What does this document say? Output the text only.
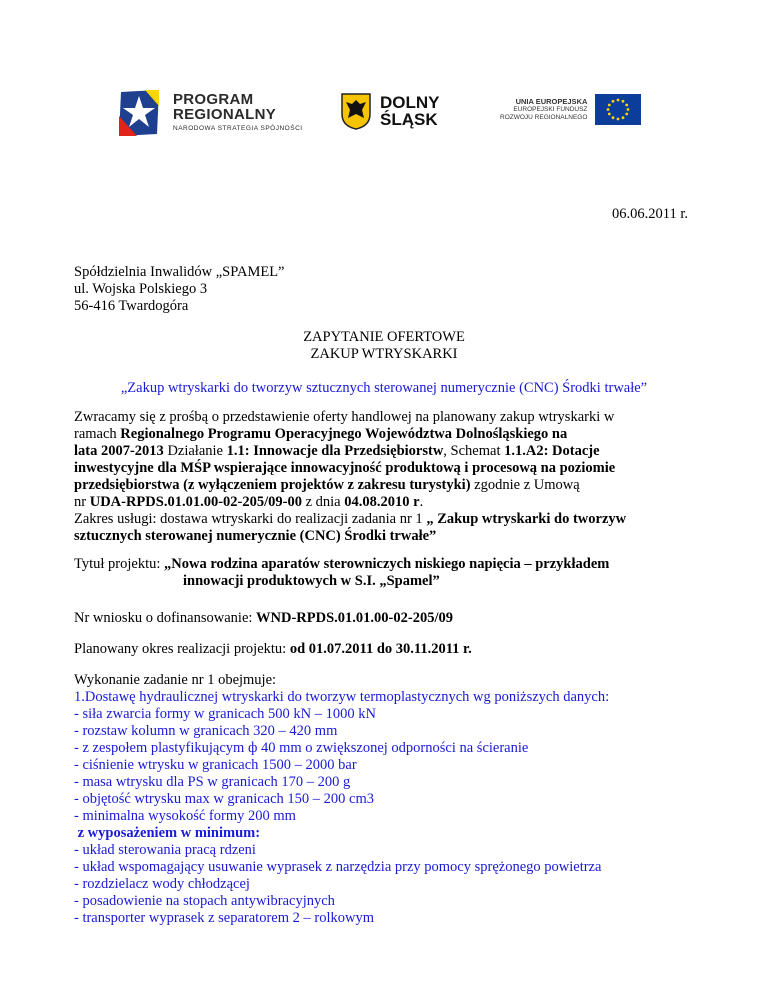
PROGRAM
REGIONALNY
NARODOWA STRATEGIA SPÓJNOŚCI
DOLNY
ŚLĄSK
UNIA EUROPEJSKA
EUROPEJSKI FUNDUSZ
ROZWOJU REGIONALNEGO
06.06.2011 r.
Spółdzielnia Inwalidów „SPAMEL”
ul. Wojska Polskiego 3
56-416 Twardogóra
ZAPYTANIE OFERTOWE
ZAKUP WTRYSKARKI
„Zakup wtryskarki do tworzyw sztucznych sterowanej numerycznie (CNC) Środki trwałe”
Zwracamy się z prośbą o przedstawienie oferty handlowej na planowany zakup wtryskarki w
ramach Regionalnego Programu Operacyjnego Województwa Dolnośląskiego na
lata 2007-2013 Działanie 1.1: Innowacje dla Przedsiębiorstw, Schemat 1.1.A2: Dotacje
inwestycyjne dla MŚP wspierające innowacyjność produktową i procesową na poziomie
przedsiębiorstwa (z wyłączeniem projektów z zakresu turystyki) zgodnie z Umową
nr UDA-RPDS.01.01.00-02-205/09-00 z dnia 04.08.2010 r.
Zakres usługi: dostawa wtryskarki do realizacji zadania nr 1 „ Zakup wtryskarki do tworzyw
sztucznych sterowanej numerycznie (CNC) Środki trwałe”
Tytuł projektu: „Nowa rodzina aparatów sterowniczych niskiego napięcia – przykładem
innowacji produktowych w S.I. „Spamel”
Nr wniosku o dofinansowanie: WND-RPDS.01.01.00-02-205/09
Planowany okres realizacji projektu: od 01.07.2011 do 30.11.2011 r.
Wykonanie zadanie nr 1 obejmuje:
1.Dostawę hydraulicznej wtryskarki do tworzyw termoplastycznych wg poniższych danych:
- siła zwarcia formy w granicach 500 kN – 1000 kN
- rozstaw kolumn w granicach 320 – 420 mm
- z zespołem plastyfikującym ф 40 mm o zwiększonej odporności na ścieranie
- ciśnienie wtrysku w granicach 1500 – 2000 bar
- masa wtrysku dla PS w granicach 170 – 200 g
- objętość wtrysku max w granicach 150 – 200 cm3
- minimalna wysokość formy 200 mm
z wyposażeniem w minimum:
- układ sterowania pracą rdzeni
- układ wspomagający usuwanie wyprasek z narzędzia przy pomocy sprężonego powietrza
- rozdzielacz wody chłodzącej
- posadowienie na stopach antywibracyjnych
- transporter wyprasek z separatorem 2 – rolkowym
